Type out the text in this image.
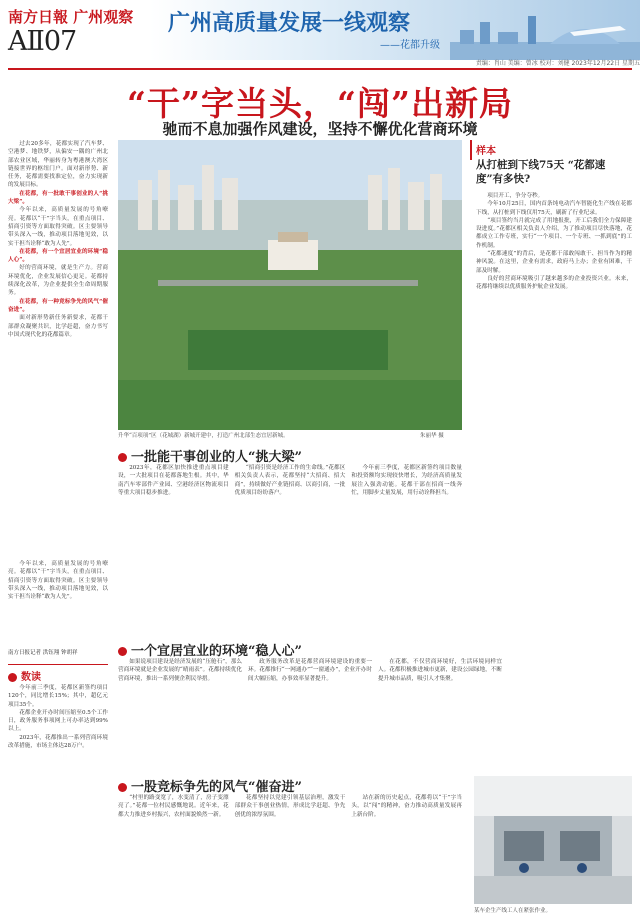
南方日報 广州观察
AⅡ07
广州高质量发展一线观察
——花都升级
责编：肖山 美编：曾冰 校对：刘健 2023年12月22日 星期五
“干”字当头，“闯”出新局
驰而不息加强作风建设，坚持不懈优化营商环境

过去20多年，花都实现了汽车梦、空港梦、地铁梦，从偏安一隅的广州北部农业区域，华丽转身为粤港澳大湾区链接世界的枢纽门户。面对新形势、新任务，花都需要找准定位，奋力实现新的发展目标。

在花都，有一批敢干事创业的人“挑大梁”。

今年以来，高质量发展的号角嘹亮。花都以“干”字当头，在重点项目、招商引资等方面取得突破。区主要领导带头深入一线，推动项目落地见效，以实干担当诠释“敢为人先”。

在花都，有一个宜居宜业的环境“稳人心”。

好的营商环境，就是生产力。营商环境优化，企业发展信心更足。花都持续深化改革，为企业提供全生命周期服务。

在花都，有一种竞标争先的风气“催奋进”。

面对新形势新任务新要求，花都干部群众凝聚共识，比学赶超，奋力书写中国式现代化的花都篇章。

升华“百项项”区（花城湖）新城开建中，打造广州北部生态宜居新城。	朱丽华 摄
一批能干事创业的人“挑大梁”

2023年，花都区加快推进重点项目建设，一大批项目在花都落地生根。其中，华南汽车零部件产业园、空港经济区物流项目等重大项目稳步推进。

“招商引资是经济工作的生命线。”花都区相关负责人表示，花都坚持“大招商、招大商”，持续做好产业链招商、以商引商，一批优质项目纷纷落户。

今年前三季度，花都区新签约项目数量和投资额均实现较快增长，为经济高质量发展注入强劲动能。花都干部在招商一线奔忙，用脚步丈量发展，用行动诠释担当。

今年以来，高质量发展的号角嘹亮。花都以“干”字当头，在重点项目、招商引资等方面取得突破。区主要领导带头深入一线，推动项目落地见效，以实干担当诠释“敢为人先”。

南方日报记者 洪钰翔 钟胡祥	一个宜居宜业的环境“稳人心”

如果说项目建设是经济发展的“压舱石”，那么营商环境就是企业发展的“晴雨表”。花都持续优化营商环境，推出一系列便企利民举措。

政务服务改革是花都营商环境建设的重要一环。花都推行“一网通办”“一窗通办”，企业开办时间大幅压缩，办事效率显著提升。

在花都，不仅营商环境好，生活环境同样宜人。花都积极推进城市更新，建设公园绿地，不断提升城市品质，吸引人才集聚。

一股竞标争先的风气“催奋进”

“村里的路变宽了，水变清了，房子变漂亮了。”花都一位村民感慨地说。近年来，花都大力推进乡村振兴，农村面貌焕然一新。

花都坚持以党建引领基层治理，激发干部群众干事创业热情，形成比学赶超、争先创优的浓厚氛围。

站在新的历史起点，花都将以“干”字当头，以“闯”的精神，奋力推动高质量发展再上新台阶。

数读

今年前三季度，花都区新签约项目120个，同比增长15%；其中，超亿元项目35个。

花都企业开办时间压缩至0.5个工作日，政务服务事项网上可办率达到99%以上。

2023年，花都推出一系列营商环境改革措施，市场主体达28万户。

样本
从打桩到下线75天 “花都速度”有多快?

项目开工，争分夺秒。

今年10月25日，国内首条纯电动汽车智能化生产线在花都下线，从打桩到下线仅用75天，刷新了行业纪录。

“项目签约当月就完成了用地报批，开工后我们全力保障建设进度。”花都区相关负责人介绍，为了推动项目尽快落地，花都成立工作专班，实行“一个项目、一个专班、一抓到底”的工作机制。

“花都速度”的背后，是花都干部敢闯敢干、担当作为的精神风貌。在这里，企业有需求，政府马上办；企业有困难，干部及时解。

良好的营商环境吸引了越来越多的企业投资兴业。未来，花都将继续以优质服务护航企业发展。

某车企生产线工人在紧张作业。
